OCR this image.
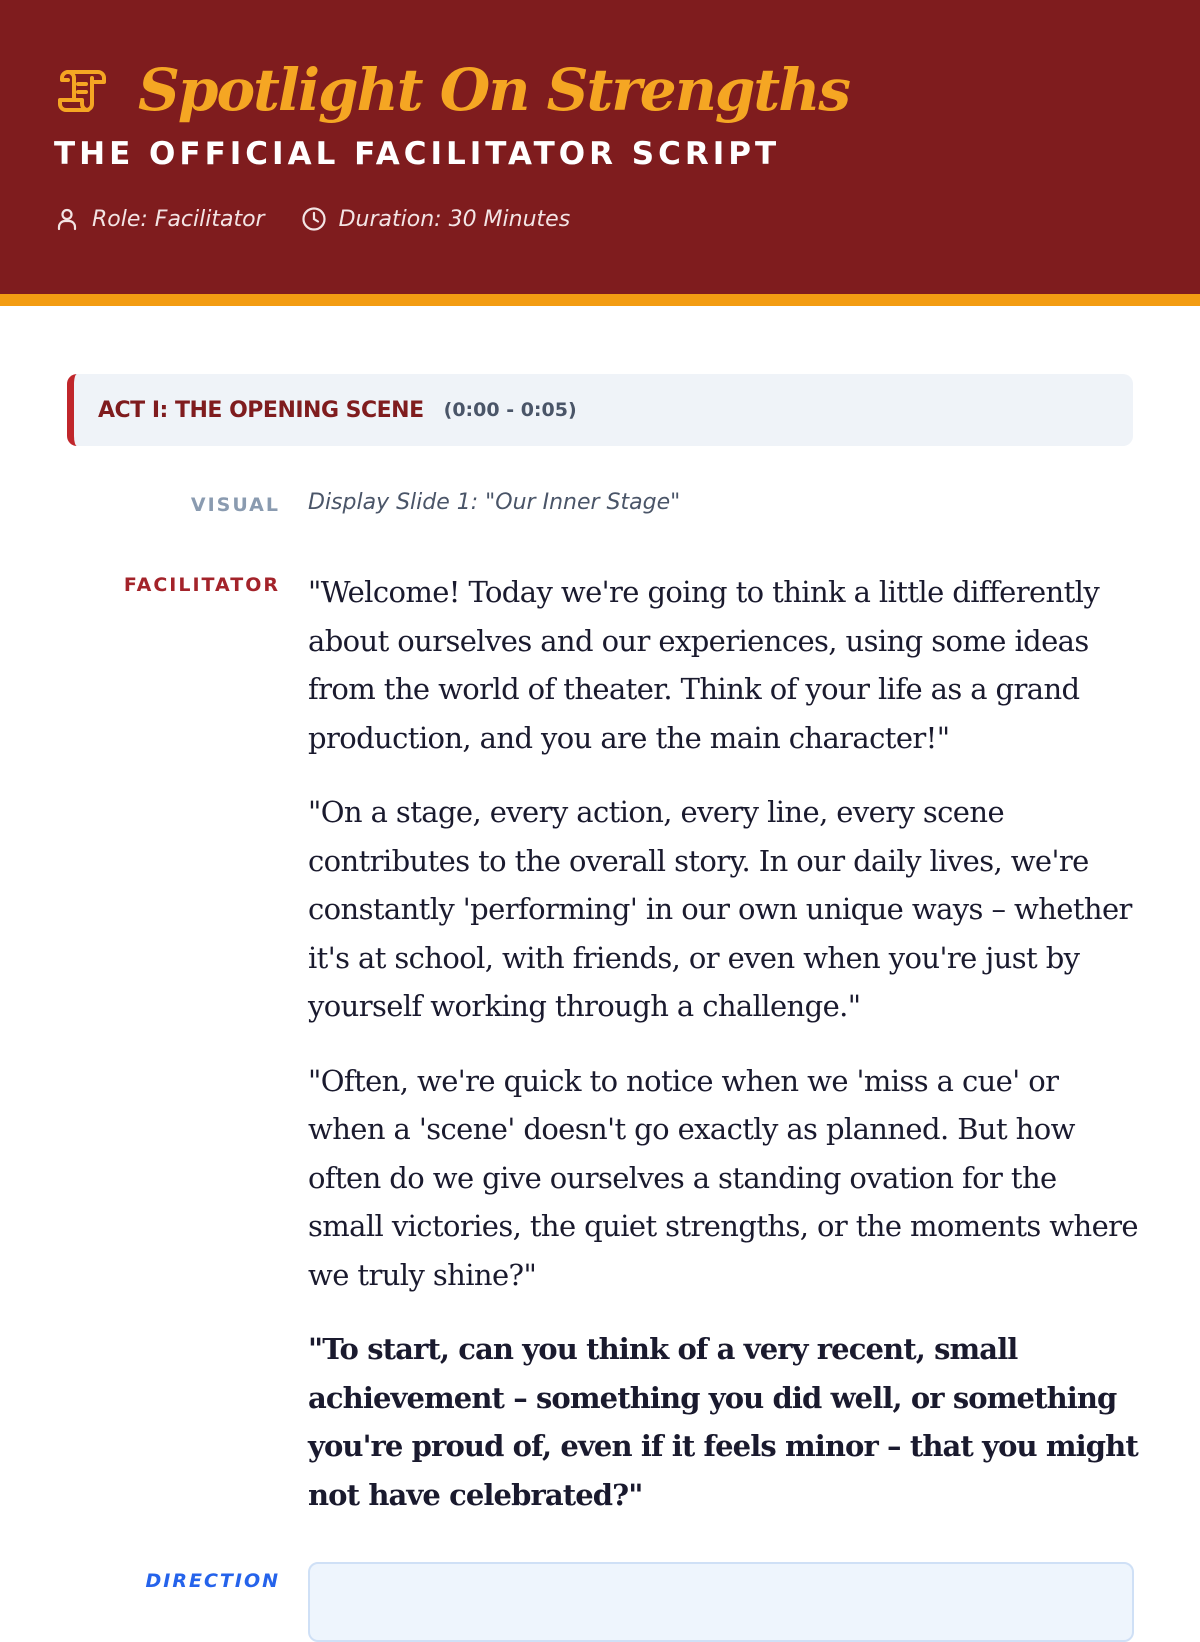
Spotlight On Strengths
THE OFFICIAL FACILITATOR SCRIPT
Role: Facilitator	Duration: 30 Minutes
ACT I: THE OPENING SCENE (0:00 - 0:05)
VISUAL Display Slide 1: "Our Inner Stage"
FACILITATOR "Welcome! Today we're going to think a little differently about ourselves and our experiences, using some ideas from the world of theater. Think of your life as a grand production, and you are the main character!"

"On a stage, every action, every line, every scene contributes to the overall story. In our daily lives, we're constantly 'performing' in our own unique ways – whether it's at school, with friends, or even when you're just by yourself working through a challenge."

"Often, we're quick to notice when we 'miss a cue' or when a 'scene' doesn't go exactly as planned. But how often do we give ourselves a standing ovation for the small victories, the quiet strengths, or the moments where we truly shine?"

"To start, can you think of a very recent, small achievement – something you did well, or something you're proud of, even if it feels minor – that you might not have celebrated?"

DIRECTION
